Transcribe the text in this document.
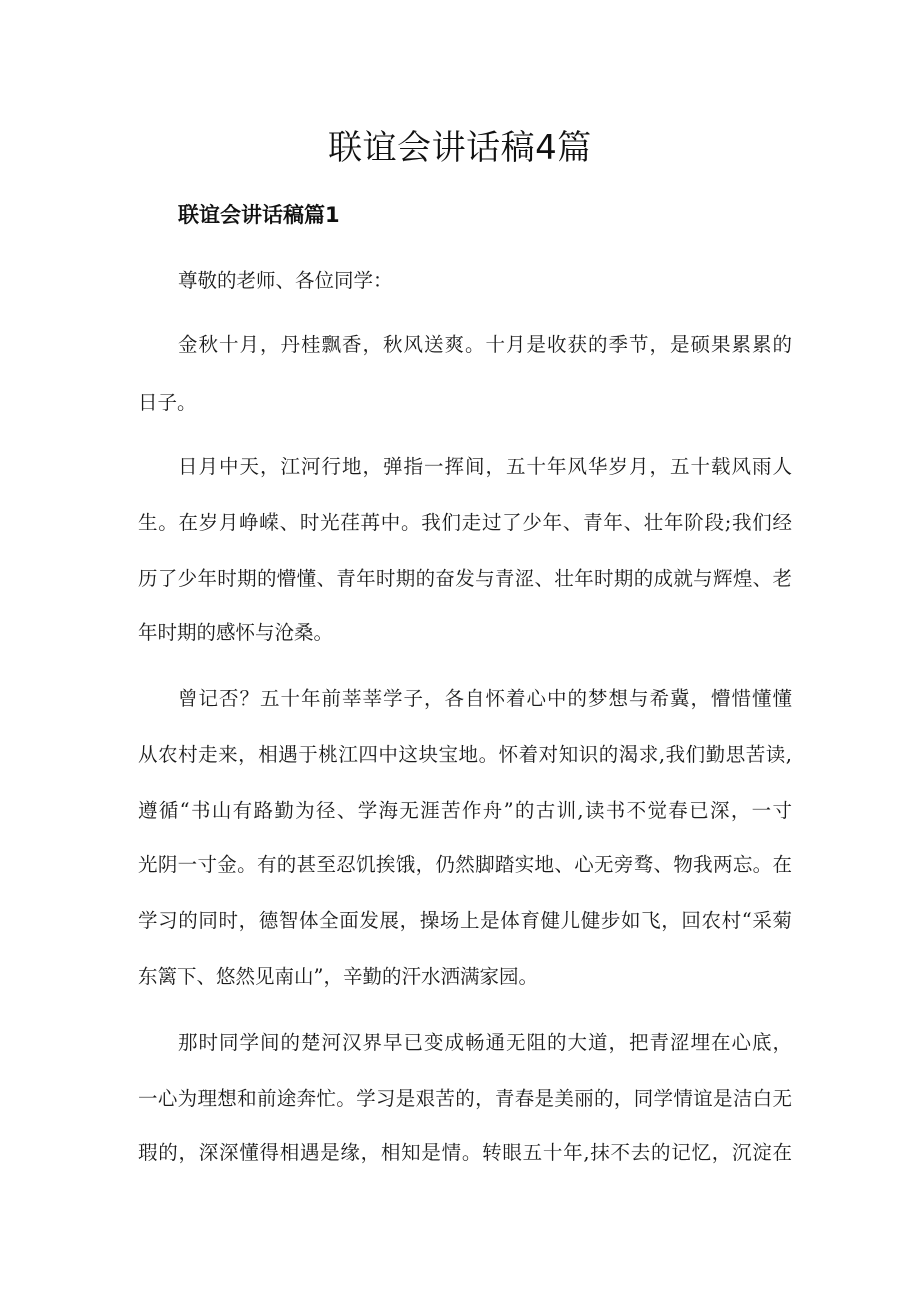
联谊会讲话稿4篇
联谊会讲话稿篇1

尊敬的老师、各位同学：

金秋十月，丹桂飘香，秋风送爽。十月是收获的季节，是硕果累累的

日子。

日月中天，江河行地，弹指一挥间，五十年风华岁月，五十载风雨人

生。在岁月峥嵘、时光荏苒中。我们走过了少年、青年、壮年阶段;我们经

历了少年时期的懵懂、青年时期的奋发与青涩、壮年时期的成就与辉煌、老

年时期的感怀与沧桑。

曾记否？五十年前莘莘学子，各自怀着心中的梦想与希冀，懵惜懂懂

从农村走来，相遇于桃江四中这块宝地。怀着对知识的渴求,我们勤思苦读,

遵循“书山有路勤为径、学海无涯苦作舟”的古训,读书不觉春已深，一寸

光阴一寸金。有的甚至忍饥挨饿，仍然脚踏实地、心无旁骛、物我两忘。在

学习的同时，德智体全面发展，操场上是体育健儿健步如飞，回农村“采菊

东篱下、悠然见南山”，辛勤的汗水洒满家园。

那时同学间的楚河汉界早已变成畅通无阻的大道，把青涩埋在心底，

一心为理想和前途奔忙。学习是艰苦的，青春是美丽的，同学情谊是洁白无

瑕的，深深懂得相遇是缘，相知是情。转眼五十年,抹不去的记忆，沉淀在
